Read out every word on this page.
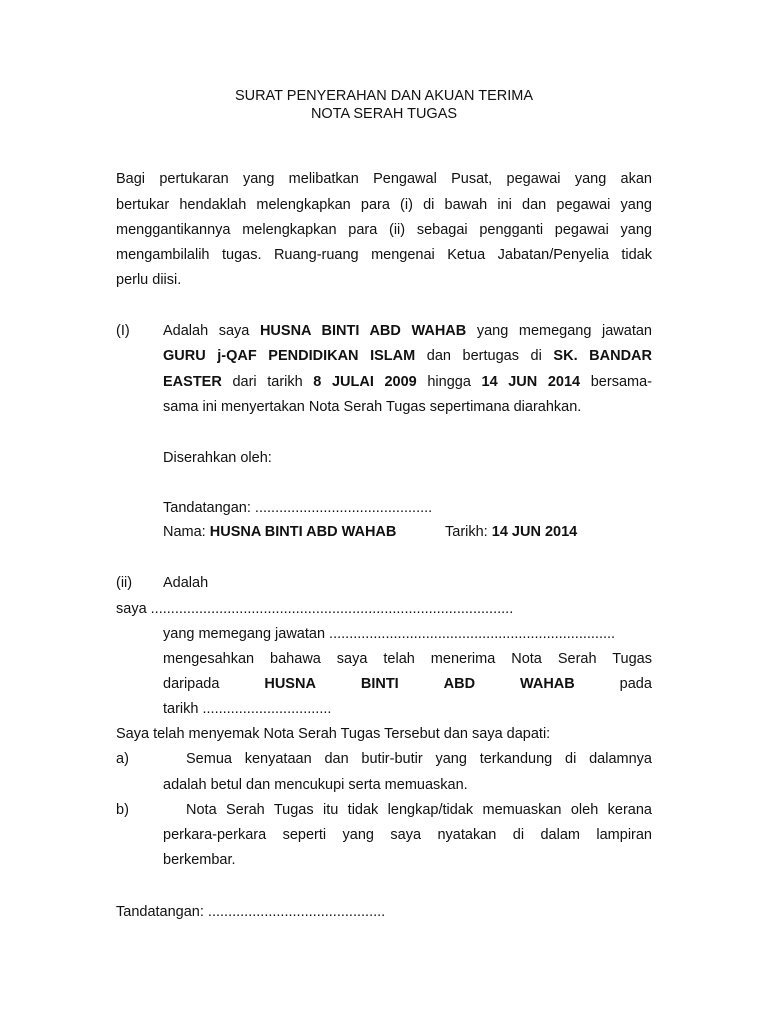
SURAT PENYERAHAN DAN AKUAN TERIMA
NOTA SERAH TUGAS
Bagi pertukaran yang melibatkan Pengawal Pusat, pegawai yang akan
bertukar hendaklah melengkapkan para (i) di bawah ini dan pegawai yang
menggantikannya melengkapkan para (ii) sebagai pengganti pegawai yang
mengambilalih tugas. Ruang-ruang mengenai Ketua Jabatan/Penyelia tidak
perlu diisi.
(I) Adalah saya HUSNA BINTI ABD WAHAB yang memegang jawatan
GURU j-QAF PENDIDIKAN ISLAM dan bertugas di SK. BANDAR
EASTER dari tarikh 8 JULAI 2009 hingga 14 JUN 2014 bersama-
sama ini menyertakan Nota Serah Tugas sepertimana diarahkan.
Diserahkan oleh:
Tandatangan: ............................................
Nama: HUSNA BINTI ABD WAHAB	Tarikh: 14 JUN 2014
(ii) Adalah
saya ..........................................................................................
yang memegang jawatan .......................................................................
mengesahkan bahawa saya telah menerima Nota Serah Tugas
daripada	HUSNA	BINTI	ABD	WAHAB	pada
tarikh ................................
Saya telah menyemak Nota Serah Tugas Tersebut dan saya dapati:
a)	Semua kenyataan dan butir-butir yang terkandung di dalamnya
adalah betul dan mencukupi serta memuaskan.
b)	Nota Serah Tugas itu tidak lengkap/tidak memuaskan oleh kerana
perkara-perkara seperti yang saya nyatakan di dalam lampiran
berkembar.
Tandatangan: ............................................
